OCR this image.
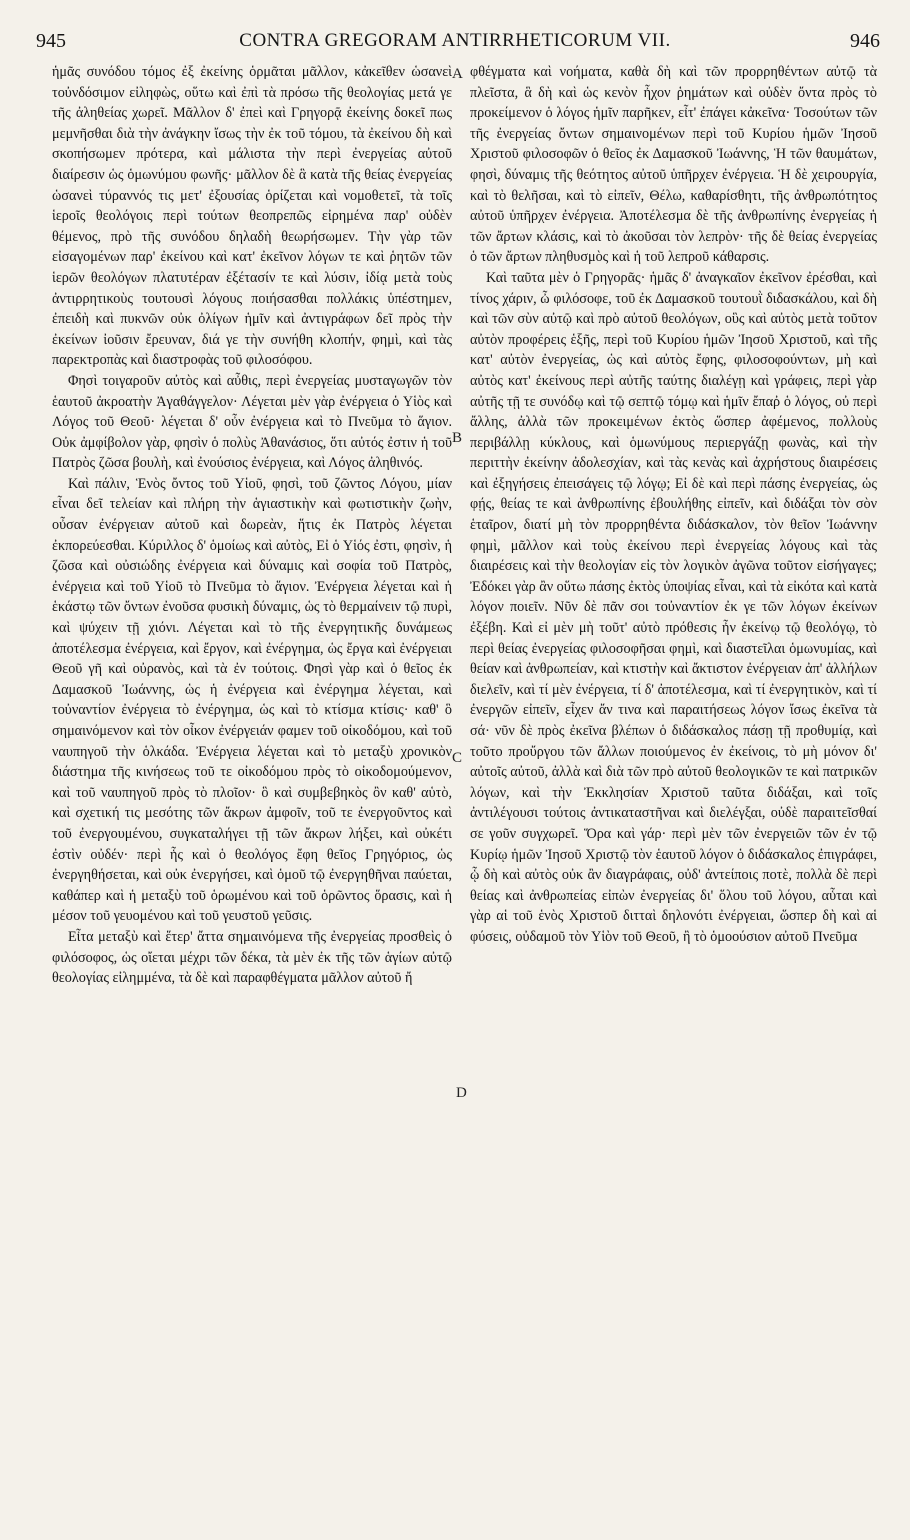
945	CONTRA GREGORAM ANTIRRHETICORUM VII.	946
A
B
C
D

ἡμᾶς συνόδου τόμος ἐξ ἐκείνης ὁρμᾶται μᾶλλον, κἀκεῖθεν ὡσανεὶ τοὐνδόσιμον εἰληφὼς, οὕτω καὶ ἐπὶ τὰ πρόσω τῆς θεολογίας μετά γε τῆς ἀληθείας χωρεῖ. Μᾶλλον δ' ἐπεὶ καὶ Γρηγορᾷ ἐκείνης δοκεῖ πως μεμνῆσθαι διὰ τὴν ἀνάγκην ἴσως τὴν ἐκ τοῦ τόμου, τὰ ἐκείνου δὴ καὶ σκοπήσωμεν πρότερα, καὶ μάλιστα τὴν περὶ ἐνεργείας αὐτοῦ διαίρεσιν ὡς ὁμωνύμου φωνῆς· μᾶλλον δὲ ἃ κατὰ τῆς θείας ἐνεργείας ὡσανεὶ τύραννός τις μετ' ἐξουσίας ὁρίζεται καὶ νομοθετεῖ, τὰ τοῖς ἱεροῖς θεολόγοις περὶ τούτων θεοπρεπῶς εἰρημένα παρ' οὐδὲν θέμενος, πρὸ τῆς συνόδου δηλαδὴ θεωρήσωμεν. Τὴν γὰρ τῶν εἰσαγομένων παρ' ἐκείνου καὶ κατ' ἐκεῖνον λόγων τε καὶ ῥητῶν τῶν ἱερῶν θεολόγων πλατυτέραν ἐξέτασίν τε καὶ λύσιν, ἰδίᾳ μετὰ τοὺς ἀντιρρητικοὺς τουτουσὶ λόγους ποιήσασθαι πολλάκις ὑπέστημεν, ἐπειδὴ καὶ πυκνῶν οὐκ ὀλίγων ἡμῖν καὶ ἀντιγράφων δεῖ πρὸς τὴν ἐκείνων ἰοῦσιν ἔρευναν, διά γε τὴν συνήθη κλοπήν, φημὶ, καὶ τὰς παρεκτροπὰς καὶ διαστροφὰς τοῦ φιλοσόφου.

Φησὶ τοιγαροῦν αὐτὸς καὶ αὖθις, περὶ ἐνεργείας μυσταγωγῶν τὸν ἑαυτοῦ ἀκροατὴν Ἀγαθάγγελον· Λέγεται μὲν γὰρ ἐνέργεια ὁ Υἱὸς καὶ Λόγος τοῦ Θεοῦ· λέγεται δ' οὖν ἐνέργεια καὶ τὸ Πνεῦμα τὸ ἅγιον. Οὐκ ἀμφίβολον γὰρ, φησὶν ὁ πολὺς Ἀθανάσιος, ὅτι αὐτός ἐστιν ἡ τοῦ Πατρὸς ζῶσα βουλὴ, καὶ ἐνούσιος ἐνέργεια, καὶ Λόγος ἀληθινός.

Καὶ πάλιν, Ἑνὸς ὄντος τοῦ Υἱοῦ, φησὶ, τοῦ ζῶντος Λόγου, μίαν εἶναι δεῖ τελείαν καὶ πλήρη τὴν ἁγιαστικὴν καὶ φωτιστικὴν ζωὴν, οὖσαν ἐνέργειαν αὐτοῦ καὶ δωρεὰν, ἥτις ἐκ Πατρὸς λέγεται ἐκπορεύεσθαι. Κύριλλος δ' ὁμοίως καὶ αὐτὸς, Εἰ ὁ Υἱός ἐστι, φησὶν, ἡ ζῶσα καὶ οὐσιώδης ἐνέργεια καὶ δύναμις καὶ σοφία τοῦ Πατρὸς, ἐνέργεια καὶ τοῦ Υἱοῦ τὸ Πνεῦμα τὸ ἅγιον. Ἐνέργεια λέγεται καὶ ἡ ἑκάστῳ τῶν ὄντων ἐνοῦσα φυσικὴ δύναμις, ὡς τὸ θερμαίνειν τῷ πυρὶ, καὶ ψύχειν τῇ χιόνι. Λέγεται καὶ τὸ τῆς ἐνεργητικῆς δυνάμεως ἀποτέλεσμα ἐνέργεια, καὶ ἔργον, καὶ ἐνέργημα, ὡς ἔργα καὶ ἐνέργειαι Θεοῦ γῆ καὶ οὐρανὸς, καὶ τὰ ἐν τούτοις. Φησὶ γὰρ καὶ ὁ θεῖος ἐκ Δαμασκοῦ Ἰωάννης, ὡς ἡ ἐνέργεια καὶ ἐνέργημα λέγεται, καὶ τοὐναντίον ἐνέργεια τὸ ἐνέργημα, ὡς καὶ τὸ κτίσμα κτίσις· καθ' ὃ σημαινόμενον καὶ τὸν οἶκον ἐνέργειάν φαμεν τοῦ οἰκοδόμου, καὶ τοῦ ναυπηγοῦ τὴν ὁλκάδα. Ἐνέργεια λέγεται καὶ τὸ μεταξὺ χρονικὸν διάστημα τῆς κινήσεως τοῦ τε οἰκοδόμου πρὸς τὸ οἰκοδομούμενον, καὶ τοῦ ναυπηγοῦ πρὸς τὸ πλοῖον· ὃ καὶ συμβεβηκὸς ὂν καθ' αὑτὸ, καὶ σχετική τις μεσότης τῶν ἄκρων ἀμφοῖν, τοῦ τε ἐνεργοῦντος καὶ τοῦ ἐνεργουμένου, συγκαταλήγει τῇ τῶν ἄκρων λήξει, καὶ οὐκέτι ἐστὶν οὐδέν· περὶ ἧς καὶ ὁ θεολόγος ἔφη θεῖος Γρηγόριος, ὡς ἐνεργηθήσεται, καὶ οὐκ ἐνεργήσει, καὶ ὁμοῦ τῷ ἐνεργηθῆναι παύεται, καθάπερ καὶ ἡ μεταξὺ τοῦ ὁρωμένου καὶ τοῦ ὁρῶντος ὅρασις, καὶ ἡ μέσον τοῦ γευομένου καὶ τοῦ γευστοῦ γεῦσις.

Εἶτα μεταξὺ καὶ ἕτερ' ἄττα σημαινόμενα τῆς ἐνεργείας προσθεὶς ὁ φιλόσοφος, ὡς οἴεται μέχρι τῶν δέκα, τὰ μὲν ἐκ τῆς τῶν ἁγίων αὐτῷ θεολογίας εἰλημμένα, τὰ δὲ καὶ παραφθέγματα μᾶλλον αὐτοῦ ἤ

φθέγματα καὶ νοήματα, καθὰ δὴ καὶ τῶν προρρηθέντων αὐτῷ τὰ πλεῖστα, ἃ δὴ καὶ ὡς κενὸν ἦχον ῥημάτων καὶ οὐδὲν ὄντα πρὸς τὸ προκείμενον ὁ λόγος ἡμῖν παρῆκεν, εἶτ' ἐπάγει κἀκεῖνα· Τοσούτων τῶν τῆς ἐνεργείας ὄντων σημαινομένων περὶ τοῦ Κυρίου ἡμῶν Ἰησοῦ Χριστοῦ φιλοσοφῶν ὁ θεῖος ἐκ Δαμασκοῦ Ἰωάννης, Ἡ τῶν θαυμάτων, φησὶ, δύναμις τῆς θεότητος αὐτοῦ ὑπῆρχεν ἐνέργεια. Ἡ δὲ χειρουργία, καὶ τὸ θελῆσαι, καὶ τὸ εἰπεῖν, Θέλω, καθαρίσθητι, τῆς ἀνθρωπότητος αὐτοῦ ὑπῆρχεν ἐνέργεια. Ἀποτέλεσμα δὲ τῆς ἀνθρωπίνης ἐνεργείας ἡ τῶν ἄρτων κλάσις, καὶ τὸ ἀκοῦσαι τὸν λεπρὸν· τῆς δὲ θείας ἐνεργείας ὁ τῶν ἄρτων πληθυσμὸς καὶ ἡ τοῦ λεπροῦ κάθαρσις.

Καὶ ταῦτα μὲν ὁ Γρηγορᾶς· ἡμᾶς δ' ἀναγκαῖον ἐκεῖνον ἐρέσθαι, καὶ τίνος χάριν, ὦ φιλόσοφε, τοῦ ἐκ Δαμασκοῦ τουτουῒ διδασκάλου, καὶ δὴ καὶ τῶν σὺν αὐτῷ καὶ πρὸ αὐτοῦ θεολόγων, οὓς καὶ αὐτὸς μετὰ τοῦτον αὐτὸν προφέρεις ἑξῆς, περὶ τοῦ Κυρίου ἡμῶν Ἰησοῦ Χριστοῦ, καὶ τῆς κατ' αὐτὸν ἐνεργείας, ὡς καὶ αὐτὸς ἔφης, φιλοσοφούντων, μὴ καὶ αὐτὸς κατ' ἐκείνους περὶ αὐτῆς ταύτης διαλέγῃ καὶ γράφεις, περὶ γὰρ αὐτῆς τῇ τε συνόδῳ καὶ τῷ σεπτῷ τόμῳ καὶ ἡμῖν ἔπαῤ ὁ λόγος, οὐ περὶ ἄλλης, ἀλλὰ τῶν προκειμένων ἐκτὸς ὥσπερ ἀφέμενος, πολλοὺς περιβάλλῃ κύκλους, καὶ ὁμωνύμους περιεργάζῃ φωνὰς, καὶ τὴν περιττὴν ἐκείνην ἀδολεσχίαν, καὶ τὰς κενὰς καὶ ἀχρήστους διαιρέσεις καὶ ἐξηγήσεις ἐπεισάγεις τῷ λόγῳ; Εἰ δὲ καὶ περὶ πάσης ἐνεργείας, ὡς φῄς, θείας τε καὶ ἀνθρωπίνης ἐβουλήθης εἰπεῖν, καὶ διδάξαι τὸν σὸν ἑταῖρον, διατί μὴ τὸν προρρηθέντα διδάσκαλον, τὸν θεῖον Ἰωάννην φημὶ, μᾶλλον καὶ τοὺς ἐκείνου περὶ ἐνεργείας λόγους καὶ τὰς διαιρέσεις καὶ τὴν θεολογίαν εἰς τὸν λογικὸν ἀγῶνα τοῦτον εἰσήγαγες; Ἐδόκει γὰρ ἂν οὕτω πάσης ἐκτὸς ὑποψίας εἶναι, καὶ τὰ εἰκότα καὶ κατὰ λόγον ποιεῖν. Νῦν δὲ πᾶν σοι τοὐναντίον ἐκ γε τῶν λόγων ἐκείνων ἐξέβη. Καὶ εἰ μὲν μὴ τοῦτ' αὐτὸ πρόθεσις ἦν ἐκείνῳ τῷ θεολόγῳ, τὸ περὶ θείας ἐνεργείας φιλοσοφῆσαι φημὶ, καὶ διαστεῖλαι ὁμωνυμίας, καὶ θείαν καὶ ἀνθρωπείαν, καὶ κτιστὴν καὶ ἄκτιστον ἐνέργειαν ἀπ' ἀλλήλων διελεῖν, καὶ τί μὲν ἐνέργεια, τί δ' ἀποτέλεσμα, καὶ τί ἐνεργητικὸν, καὶ τί ἐνεργῶν εἰπεῖν, εἶχεν ἄν τινα καὶ παραιτήσεως λόγον ἴσως ἐκεῖνα τὰ σά· νῦν δὲ πρὸς ἐκεῖνα βλέπων ὁ διδάσκαλος πάσῃ τῇ προθυμίᾳ, καὶ τοῦτο προὔργου τῶν ἄλλων ποιούμενος ἐν ἐκείνοις, τὸ μὴ μόνον δι' αὐτοῖς αὐτοῦ, ἀλλὰ καὶ διὰ τῶν πρὸ αὐτοῦ θεολογικῶν τε καὶ πατρικῶν λόγων, καὶ τὴν Ἐκκλησίαν Χριστοῦ ταῦτα διδάξαι, καὶ τοῖς ἀντιλέγουσι τούτοις ἀντικαταστῆναι καὶ διελέγξαι, οὐδὲ παραιτεῖσθαί σε γοῦν συγχωρεῖ. Ὅρα καὶ γάρ· περὶ μὲν τῶν ἐνεργειῶν τῶν ἐν τῷ Κυρίῳ ἡμῶν Ἰησοῦ Χριστῷ τὸν ἑαυτοῦ λόγον ὁ διδάσκαλος ἐπιγράφει, ᾧ δὴ καὶ αὐτὸς οὐκ ἂν διαγράφαις, οὐδ' ἀντείποις ποτὲ, πολλὰ δὲ περὶ θείας καὶ ἀνθρωπείας εἰπὼν ἐνεργείας δι' ὅλου τοῦ λόγου, αὗται καὶ γὰρ αἱ τοῦ ἑνὸς Χριστοῦ διτταὶ δηλονότι ἐνέργειαι, ὥσπερ δὴ καὶ αἱ φύσεις, οὐδαμοῦ τὸν Υἱὸν τοῦ Θεοῦ, ἢ τὸ ὁμοούσιον αὐτοῦ Πνεῦμα
